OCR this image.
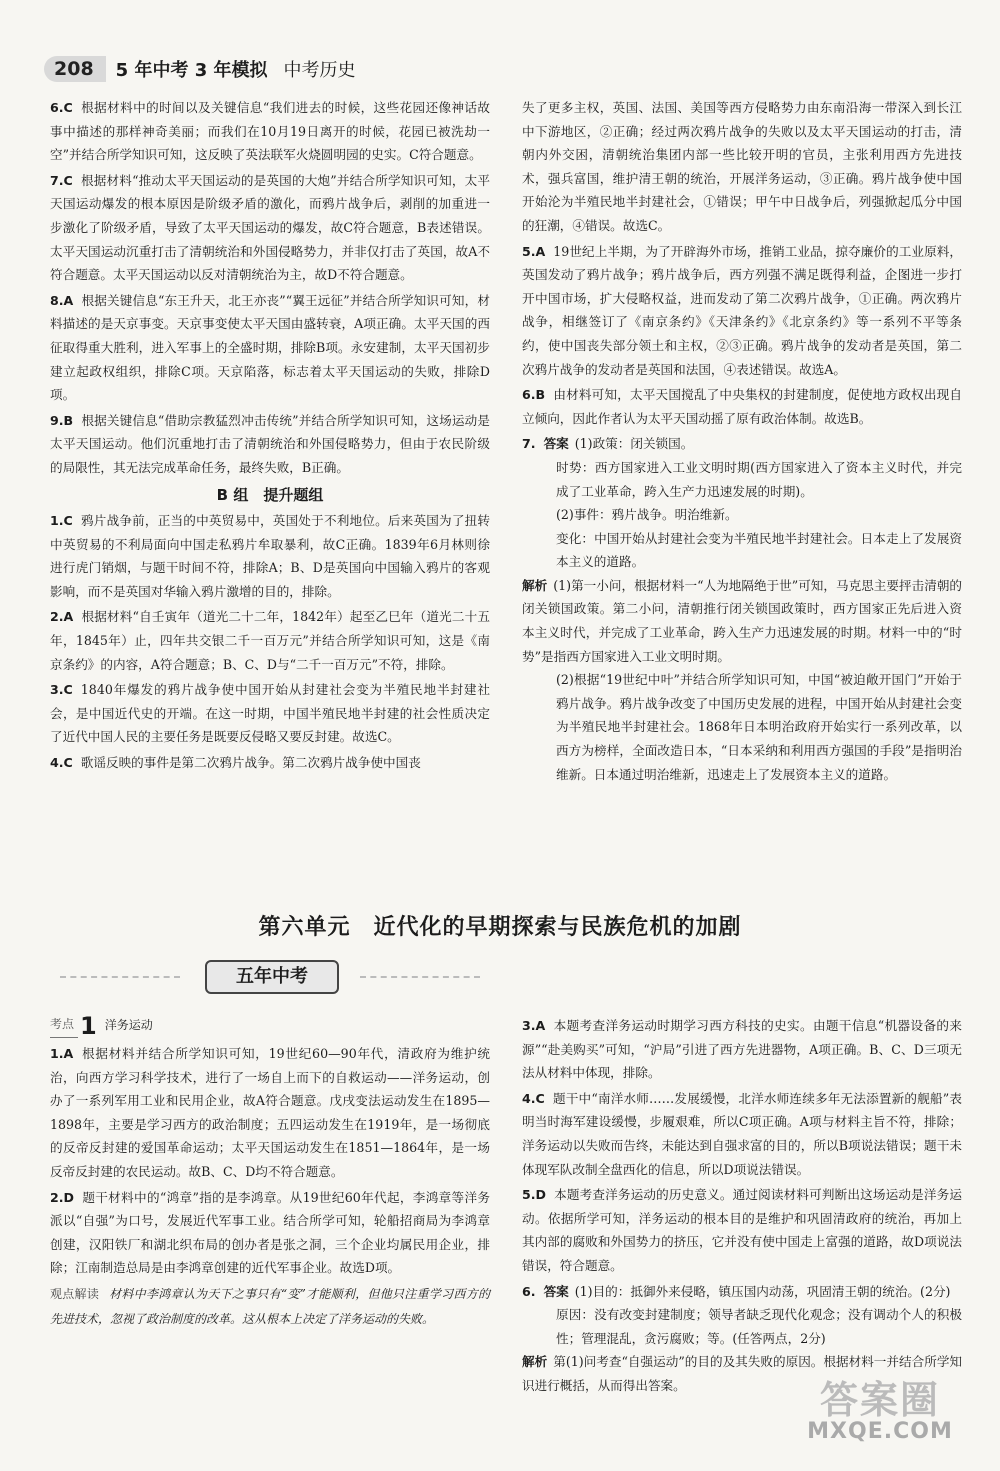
208	5 年中考 3 年模拟 中考历史
6.C 根据材料中的时间以及关键信息“我们进去的时候，这些花园还像神话故事中描述的那样神奇美丽；而我们在10月19日离开的时候，花园已被洗劫一空”并结合所学知识可知，这反映了英法联军火烧圆明园的史实。C符合题意。
7.C 根据材料“推动太平天国运动的是英国的大炮”并结合所学知识可知，太平天国运动爆发的根本原因是阶级矛盾的激化，而鸦片战争后，剥削的加重进一步激化了阶级矛盾，导致了太平天国运动的爆发，故C符合题意，B表述错误。太平天国运动沉重打击了清朝统治和外国侵略势力，并非仅打击了英国，故A不符合题意。太平天国运动以反对清朝统治为主，故D不符合题意。
8.A 根据关键信息“东王升天，北王亦丧”“翼王远征”并结合所学知识可知，材料描述的是天京事变。天京事变使太平天国由盛转衰，A项正确。太平天国的西征取得重大胜利，进入军事上的全盛时期，排除B项。永安建制，太平天国初步建立起政权组织，排除C项。天京陷落，标志着太平天国运动的失败，排除D项。
9.B 根据关键信息“借助宗教猛烈冲击传统”并结合所学知识可知，这场运动是太平天国运动。他们沉重地打击了清朝统治和外国侵略势力，但由于农民阶级的局限性，其无法完成革命任务，最终失败，B正确。
B 组　提升题组
1.C 鸦片战争前，正当的中英贸易中，英国处于不利地位。后来英国为了扭转中英贸易的不利局面向中国走私鸦片牟取暴利，故C正确。1839年6月林则徐进行虎门销烟，与题干时间不符，排除A；B、D是英国向中国输入鸦片的客观影响，而不是英国对华输入鸦片激增的目的，排除。
2.A 根据材料“自壬寅年（道光二十二年，1842年）起至乙巳年（道光二十五年，1845年）止，四年共交银二千一百万元”并结合所学知识可知，这是《南京条约》的内容，A符合题意；B、C、D与“二千一百万元”不符，排除。
3.C 1840年爆发的鸦片战争使中国开始从封建社会变为半殖民地半封建社会，是中国近代史的开端。在这一时期，中国半殖民地半封建的社会性质决定了近代中国人民的主要任务是既要反侵略又要反封建。故选C。
4.C 歌谣反映的事件是第二次鸦片战争。第二次鸦片战争使中国丧
失了更多主权，英国、法国、美国等西方侵略势力由东南沿海一带深入到长江中下游地区，②正确；经过两次鸦片战争的失败以及太平天国运动的打击，清朝内外交困，清朝统治集团内部一些比较开明的官员，主张利用西方先进技术，强兵富国，维护清王朝的统治，开展洋务运动，③正确。鸦片战争使中国开始沦为半殖民地半封建社会，①错误；甲午中日战争后，列强掀起瓜分中国的狂潮，④错误。故选C。
5.A 19世纪上半期，为了开辟海外市场，推销工业品，掠夺廉价的工业原料，英国发动了鸦片战争；鸦片战争后，西方列强不满足既得利益，企图进一步打开中国市场，扩大侵略权益，进而发动了第二次鸦片战争，①正确。两次鸦片战争，相继签订了《南京条约》《天津条约》《北京条约》等一系列不平等条约，使中国丧失部分领土和主权，②③正确。鸦片战争的发动者是英国，第二次鸦片战争的发动者是英国和法国，④表述错误。故选A。
6.B 由材料可知，太平天国搅乱了中央集权的封建制度，促使地方政权出现自立倾向，因此作者认为太平天国动摇了原有政治体制。故选B。
7. 答案 (1)政策：闭关锁国。
时势：西方国家进入工业文明时期(西方国家进入了资本主义时代，并完成了工业革命，跨入生产力迅速发展的时期)。
(2)事件：鸦片战争。明治维新。
变化：中国开始从封建社会变为半殖民地半封建社会。日本走上了发展资本主义的道路。
解析 (1)第一小问，根据材料一“人为地隔绝于世”可知，马克思主要抨击清朝的闭关锁国政策。第二小问，清朝推行闭关锁国政策时，西方国家正先后进入资本主义时代，并完成了工业革命，跨入生产力迅速发展的时期。材料一中的“时势”是指西方国家进入工业文明时期。
(2)根据“19世纪中叶”并结合所学知识可知，中国“被迫敞开国门”开始于鸦片战争。鸦片战争改变了中国历史发展的进程，中国开始从封建社会变为半殖民地半封建社会。1868年日本明治政府开始实行一系列改革，以西方为榜样，全面改造日本，“日本采纳和利用西方强国的手段”是指明治维新。日本通过明治维新，迅速走上了发展资本主义的道路。
第六单元　近代化的早期探索与民族危机的加剧
五年中考
考点 1 洋务运动
1.A 根据材料并结合所学知识可知，19世纪60—90年代，清政府为维护统治，向西方学习科学技术，进行了一场自上而下的自救运动——洋务运动，创办了一系列军用工业和民用企业，故A符合题意。戊戌变法运动发生在1895—1898年，主要是学习西方的政治制度；五四运动发生在1919年，是一场彻底的反帝反封建的爱国革命运动；太平天国运动发生在1851—1864年，是一场反帝反封建的农民运动。故B、C、D均不符合题意。
2.D 题干材料中的“鸿章”指的是李鸿章。从19世纪60年代起，李鸿章等洋务派以“自强”为口号，发展近代军事工业。结合所学可知，轮船招商局为李鸿章创建，汉阳铁厂和湖北织布局的创办者是张之洞，三个企业均属民用企业，排除；江南制造总局是由李鸿章创建的近代军事企业。故选D项。
观点解读 材料中李鸿章认为天下之事只有“变”才能顺利，但他只注重学习西方的先进技术，忽视了政治制度的改革。这从根本上决定了洋务运动的失败。
3.A 本题考查洋务运动时期学习西方科技的史实。由题干信息“机器设备的来源”“赴美购买”可知，“沪局”引进了西方先进器物，A项正确。B、C、D三项无法从材料中体现，排除。
4.C 题干中“南洋水师……发展缓慢，北洋水师连续多年无法添置新的舰船”表明当时海军建设缓慢，步履艰难，所以C项正确。A项与材料主旨不符，排除；洋务运动以失败而告终，未能达到自强求富的目的，所以B项说法错误；题干未体现军队改制全盘西化的信息，所以D项说法错误。
5.D 本题考查洋务运动的历史意义。通过阅读材料可判断出这场运动是洋务运动。依据所学可知，洋务运动的根本目的是维护和巩固清政府的统治，再加上其内部的腐败和外国势力的挤压，它并没有使中国走上富强的道路，故D项说法错误，符合题意。
6. 答案 (1)目的：抵御外来侵略，镇压国内动荡，巩固清王朝的统治。(2分)
原因：没有改变封建制度；领导者缺乏现代化观念；没有调动个人的积极性；管理混乱，贪污腐败；等。(任答两点，2分)
解析 第(1)问考查“自强运动”的目的及其失败的原因。根据材料一并结合所学知识进行概括，从而得出答案。	答案圈
MXQE.COM
